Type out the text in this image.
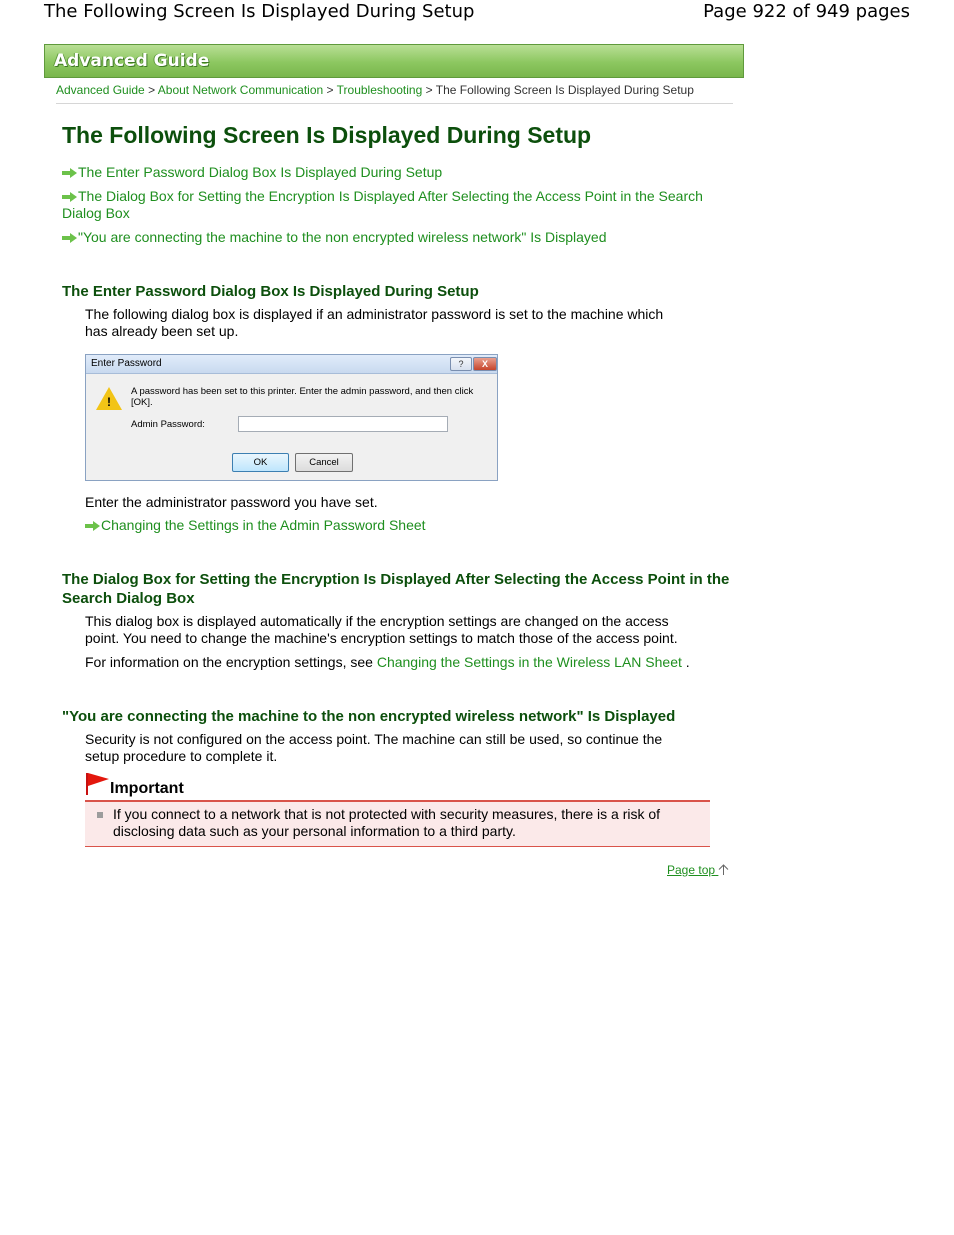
The Following Screen Is Displayed During Setup	Page 922 of 949 pages
Advanced Guide
Advanced Guide > About Network Communication > Troubleshooting > The Following Screen Is Displayed During Setup
The Following Screen Is Displayed During Setup
The Enter Password Dialog Box Is Displayed During Setup
The Dialog Box for Setting the Encryption Is Displayed After Selecting the Access Point in the Search Dialog Box
"You are connecting the machine to the non encrypted wireless network" Is Displayed
The Enter Password Dialog Box Is Displayed During Setup
The following dialog box is displayed if an administrator password is set to the machine which has already been set up.
Enter Password	?	X
!
A password has been set to this printer. Enter the admin password, and then click [OK].
Admin Password:
OK	Cancel
Enter the administrator password you have set.
Changing the Settings in the Admin Password Sheet
The Dialog Box for Setting the Encryption Is Displayed After Selecting the Access Point in the Search Dialog Box
This dialog box is displayed automatically if the encryption settings are changed on the access point. You need to change the machine's encryption settings to match those of the access point.
For information on the encryption settings, see Changing the Settings in the Wireless LAN Sheet .
"You are connecting the machine to the non encrypted wireless network" Is Displayed
Security is not configured on the access point. The machine can still be used, so continue the setup procedure to complete it.
Important
If you connect to a network that is not protected with security measures, there is a risk of disclosing data such as your personal information to a third party.
Page top
